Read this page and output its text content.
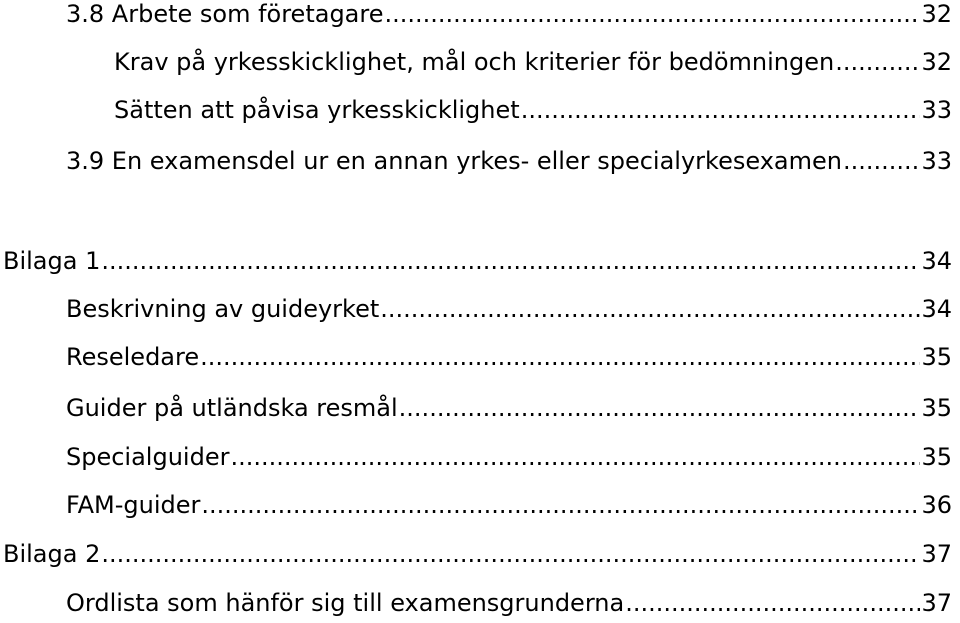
3.8 Arbete som företagare .....	32
Krav på yrkesskicklighet, mål och kriterier för bedömningen .....	32
Sätten att påvisa yrkesskicklighet .....	33
3.9 En examensdel ur en annan yrkes- eller specialyrkesexamen .....	33
Bilaga 1 .....	34
Beskrivning av guideyrket .....	34
Reseledare .....	35
Guider på utländska resmål .....	35
Specialguider .....	35
FAM-guider .....	36
Bilaga 2 .....	37
Ordlista som hänför sig till examensgrunderna .....	37
